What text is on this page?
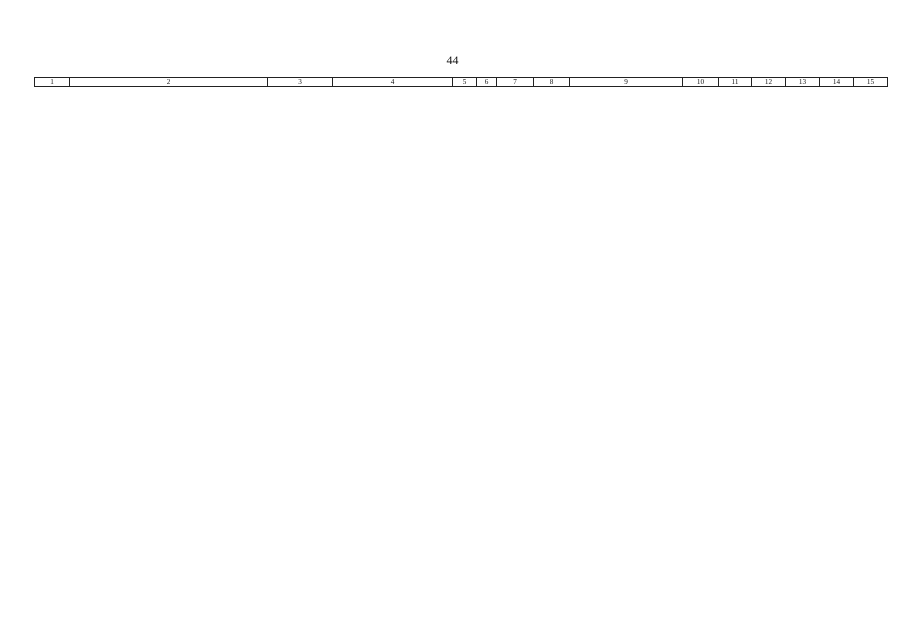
44
1	2	3	4	5	6	7	8	9	10	11	12	13	14	15
